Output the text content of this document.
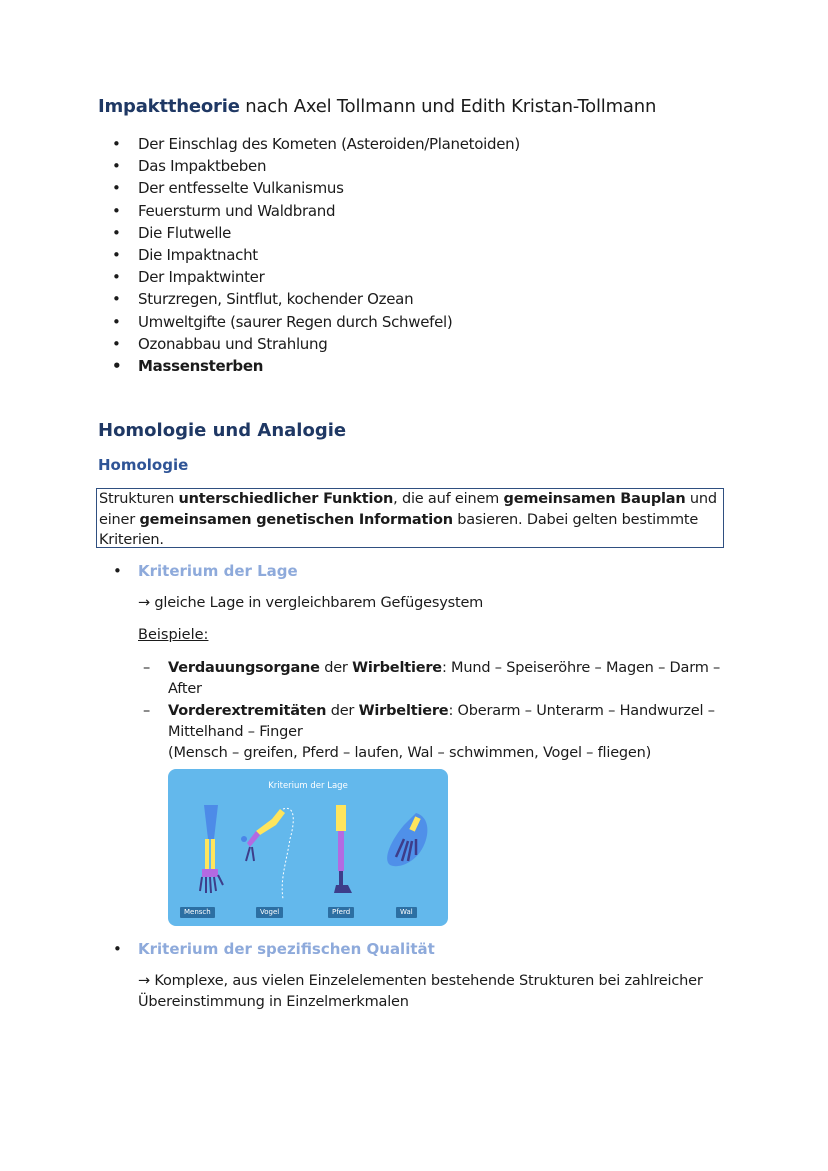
Impakttheorie nach Axel Tollmann und Edith Kristan-Tollmann
• Der Einschlag des Kometen (Asteroiden/Planetoiden)
• Das Impaktbeben
• Der entfesselte Vulkanismus
• Feuersturm und Waldbrand
• Die Flutwelle
• Die Impaktnacht
• Der Impaktwinter
• Sturzregen, Sintflut, kochender Ozean
• Umweltgifte (saurer Regen durch Schwefel)
• Ozonabbau und Strahlung
• Massensterben
Homologie und Analogie
Homologie
Strukturen unterschiedlicher Funktion, die auf einem gemeinsamen Bauplan und
einer gemeinsamen genetischen Information basieren. Dabei gelten bestimmte
Kriterien.
• Kriterium der Lage
→ gleiche Lage in vergleichbarem Gefügesystem
Beispiele:
– Verdauungsorgane der Wirbeltiere: Mund – Speiseröhre – Magen – Darm –
After
– Vorderextremitäten der Wirbeltiere: Oberarm – Unterarm – Handwurzel –
Mittelhand – Finger
(Mensch – greifen, Pferd – laufen, Wal – schwimmen, Vogel – fliegen)
Kriterium der Lage
Mensch	Vogel	Pferd	Wal
• Kriterium der spezifischen Qualität
→ Komplexe, aus vielen Einzelelementen bestehende Strukturen bei zahlreicher
Übereinstimmung in Einzelmerkmalen
